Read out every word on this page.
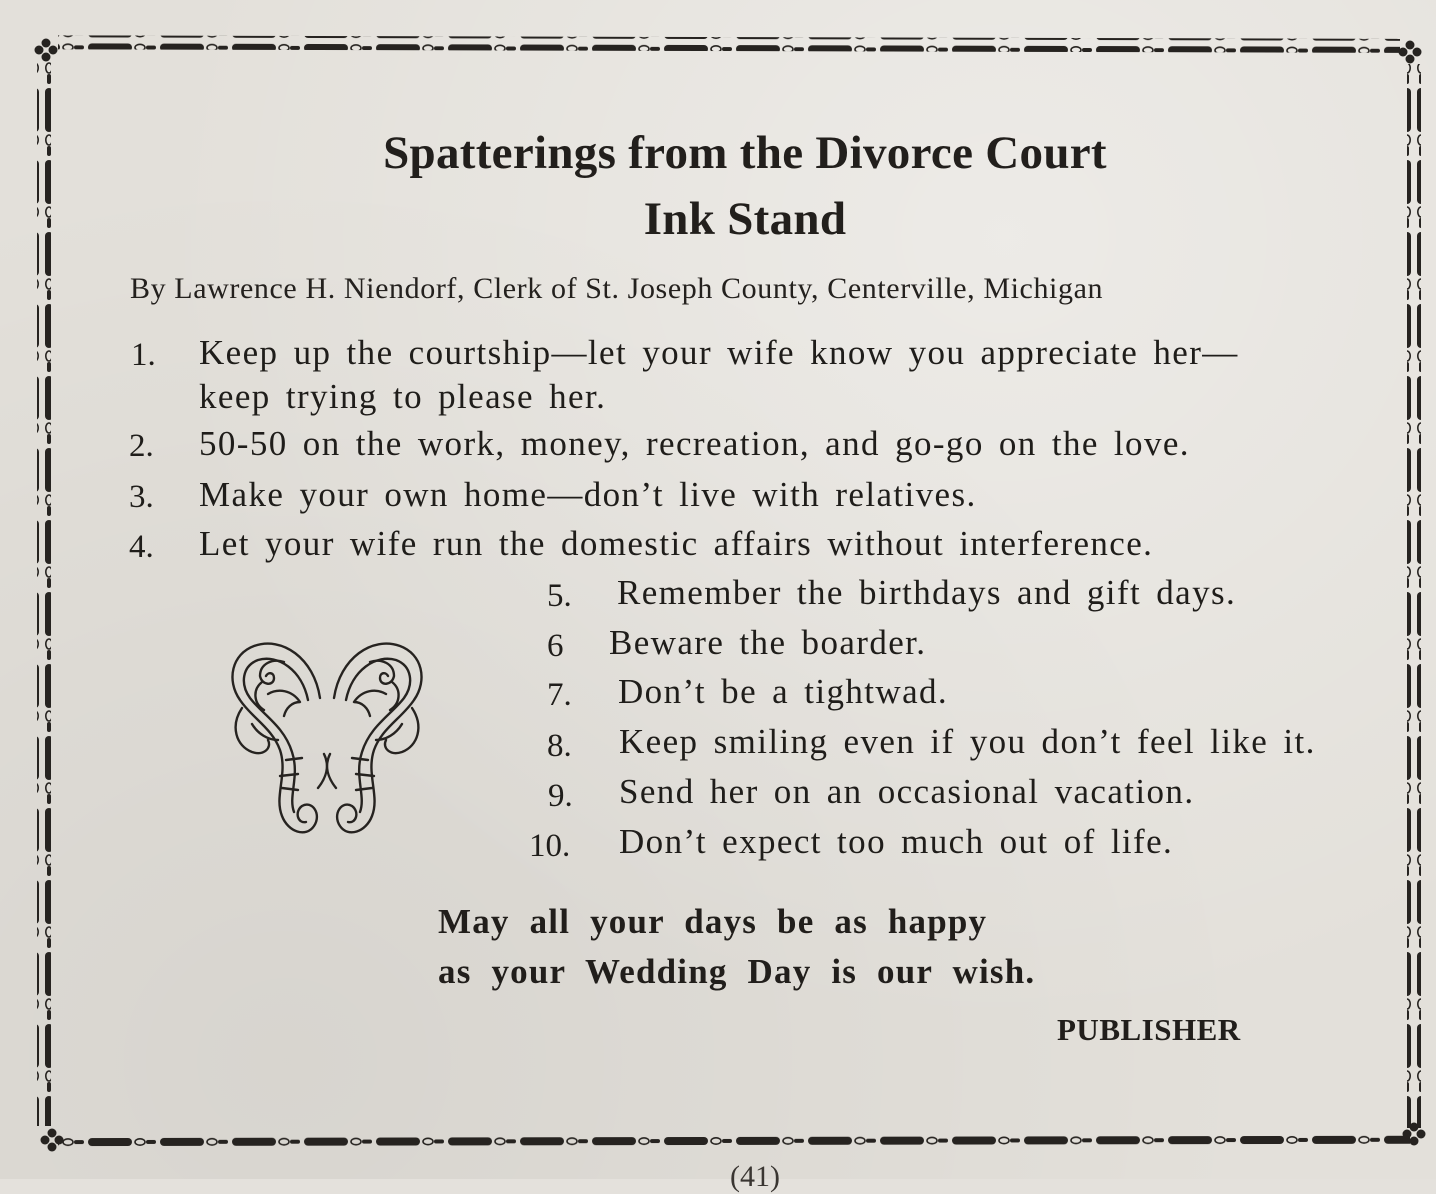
Spatterings from the Divorce Court
Ink Stand
By Lawrence H. Niendorf, Clerk of St. Joseph County, Centerville, Michigan
1. Keep up the courtship—let your wife know you appreciate her—
keep trying to please her.
2. 50-50 on the work, money, recreation, and go-go on the love.
3. Make your own home—don’t live with relatives.
4. Let your wife run the domestic affairs without interference.
5. Remember the birthdays and gift days.
6 Beware the boarder.
7. Don’t be a tightwad.
8. Keep smiling even if you don’t feel like it.
9. Send her on an occasional vacation.
10. Don’t expect too much out of life.
May all your days be as happy
as your Wedding Day is our wish.
PUBLISHER
(41)
